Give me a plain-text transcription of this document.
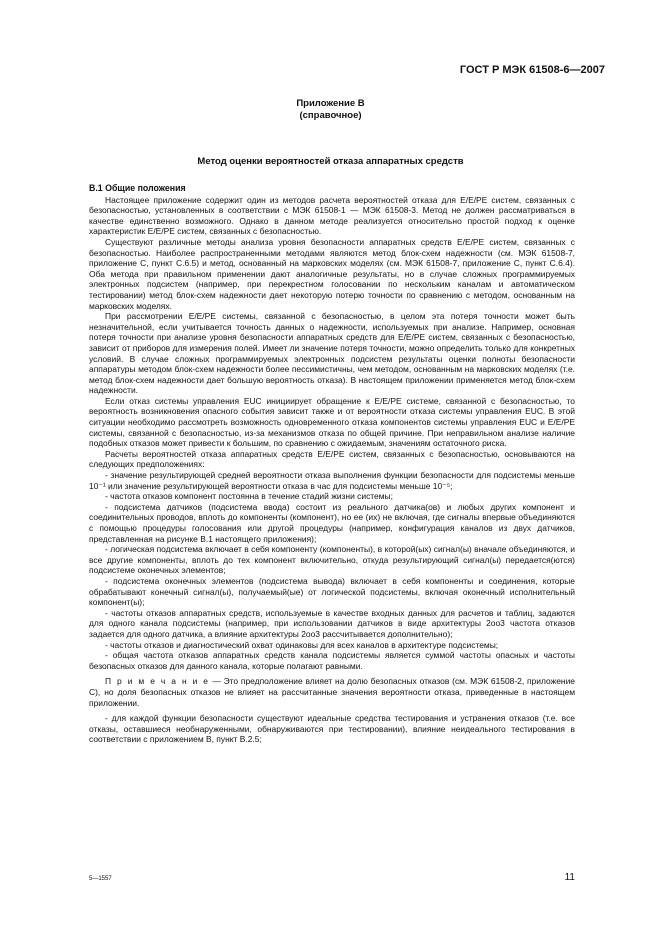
ГОСТ Р МЭК 61508-6—2007
Приложение В
(справочное)
Метод оценки вероятностей отказа аппаратных средств
В.1 Общие положения

Настоящее приложение содержит один из методов расчета вероятностей отказа для E/E/PE систем, связанных с безопасностью, установленных в соответствии с МЭК 61508-1 — МЭК 61508-3. Метод не должен рассматриваться в качестве единственно возможного. Однако в данном методе реализуется относительно простой подход к оценке характеристик E/E/PE систем, связанных с безопасностью.

Существуют различные методы анализа уровня безопасности аппаратных средств E/E/PE систем, связанных с безопасностью. Наиболее распространенными методами являются метод блок-схем надежности (см. МЭК 61508-7, приложение С, пункт С.6.5) и метод, основанный на марковских моделях (см. МЭК 61508-7, приложение С, пункт С.6.4). Оба метода при правильном применении дают аналогичные результаты, но в случае сложных программируемых электронных подсистем (например, при перекрестном голосовании по нескольким каналам и автоматическом тестировании) метод блок-схем надежности дает некоторую потерю точности по сравнению с методом, основанным на марковских моделях.

При рассмотрении E/E/PE системы, связанной с безопасностью, в целом эта потеря точности может быть незначительной, если учитывается точность данных о надежности, используемых при анализе. Например, основная потеря точности при анализе уровня безопасности аппаратных средств для E/E/PE систем, связанных с безопасностью, зависит от приборов для измерения полей. Имеет ли значение потеря точности, можно определить только для конкретных условий. В случае сложных программируемых электронных подсистем результаты оценки полноты безопасности аппаратуры методом блок-схем надежности более пессимистичны, чем методом, основанным на марковских моделях (т.е. метод блок-схем надежности дает большую вероятность отказа). В настоящем приложении применяется метод блок-схем надежности.

Если отказ системы управления EUC инициирует обращение к E/E/PE системе, связанной с безопасностью, то вероятность возникновения опасного события зависит также и от вероятности отказа системы управления EUC. В этой ситуации необходимо рассмотреть возможность одновременного отказа компонентов системы управления EUC и E/E/PE системы, связанной с безопасностью, из-за механизмов отказа по общей причине. При неправильном анализе наличие подобных отказов может привести к большим, по сравнению с ожидаемым, значениям остаточного риска.

Расчеты вероятностей отказа аппаратных средств E/E/PE систем, связанных с безопасностью, основываются на следующих предположениях:

- значение результирующей средней вероятности отказа выполнения функции безопасности для подсистемы меньше 10⁻¹ или значение результирующей вероятности отказа в час для подсистемы меньше 10⁻⁵;

- частота отказов компонент постоянна в течение стадий жизни системы;

- подсистема датчиков (подсистема ввода) состоит из реального датчика(ов) и любых других компонент и соединительных проводов, вплоть до компоненты (компонент), но ее (их) не включая, где сигналы впервые объединяются с помощью процедуры голосования или другой процедуры (например, конфигурация каналов из двух датчиков, представленная на рисунке В.1 настоящего приложения);

- логическая подсистема включает в себя компоненту (компоненты), в которой(ых) сигнал(ы) вначале объединяются, и все другие компоненты, вплоть до тех компонент включительно, откуда результирующий сигнал(ы) передается(ются) подсистеме оконечных элементов;

- подсистема оконечных элементов (подсистема вывода) включает в себя компоненты и соединения, которые обрабатывают конечный сигнал(ы), получаемый(ые) от логической подсистемы, включая оконечный исполнительный компонент(ы);

- частоты отказов аппаратных средств, используемые в качестве входных данных для расчетов и таблиц, задаются для одного канала подсистемы (например, при использовании датчиков в виде архитектуры 2оо3 частота отказов задается для одного датчика, а влияние архитектуры 2оо3 рассчитывается дополнительно);

- частоты отказов и диагностический охват одинаковы для всех каналов в архитектуре подсистемы;

- общая частота отказов аппаратных средств канала подсистемы является суммой частоты опасных и частоты безопасных отказов для данного канала, которые полагают равными.

П р и м е ч а н и е — Это предположение влияет на долю безопасных отказов (см. МЭК 61508-2, приложение С), но доля безопасных отказов не влияет на рассчитанные значения вероятности отказа, приведенные в настоящем приложении.

- для каждой функции безопасности существуют идеальные средства тестирования и устранения отказов (т.е. все отказы, оставшиеся необнаруженными, обнаруживаются при тестировании), влияние неидеального тестирования в соответствии с приложением В, пункт В.2.5;

5—1557	11
